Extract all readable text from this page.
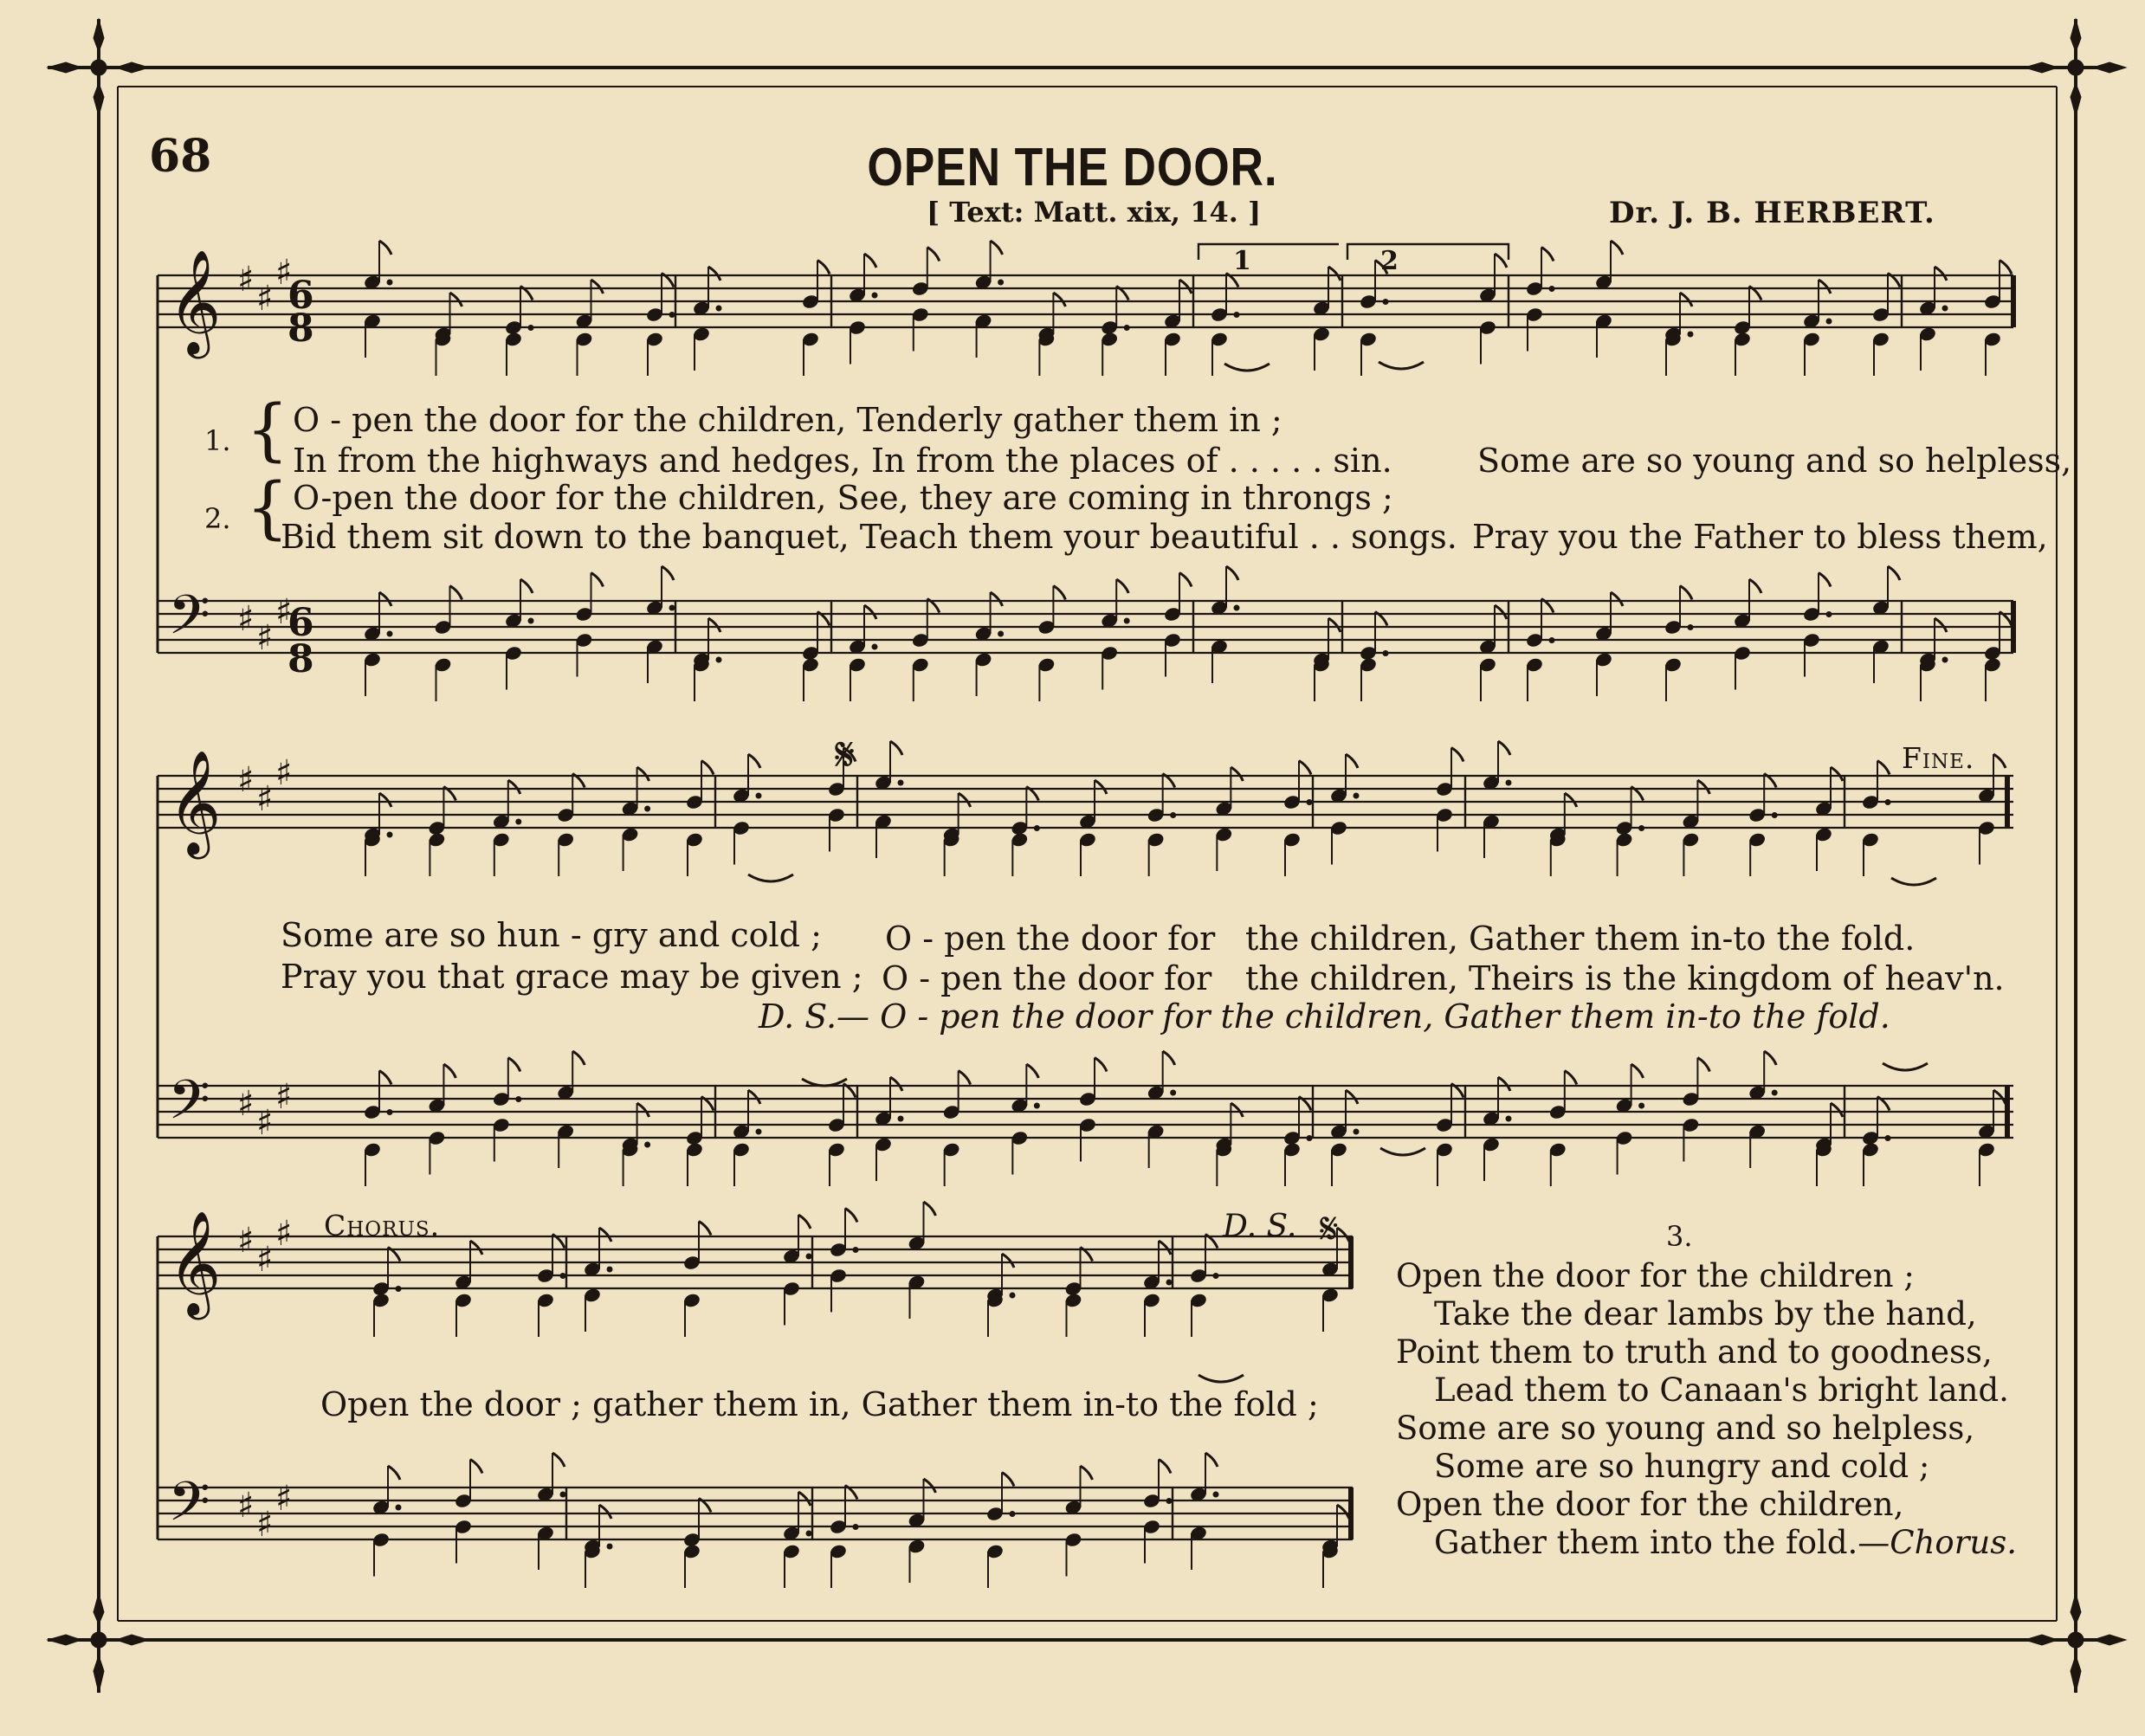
𝄞
𝄢
♯
♯
♯
♯
♯
♯
𝄞
𝄢
♯
♯
♯
♯
♯
♯
𝄞
𝄢
♯
♯
♯
♯
♯
♯
68	OPEN THE DOOR.
[ Text: Matt. xix, 14. ]	Dr. J. B. HERBERT.
6
8
6
8
1	2
1. { O - pen the door for the children, Tenderly gather them in ;
In from the highways and hedges, In from the places of . . . . . sin.	Some are so young and so helpless,
2. { O-pen the door for the children, See, they are coming in throngs ;
Bid them sit down to the banquet, Teach them your beautiful . . songs. Pray you the Father to bless them,
Fine.
𝄋
Some are so hun - gry and cold ; O - pen the door for the children, Gather them in-to the fold.
Pray you that grace may be given ; O - pen the door for the children, Theirs is the kingdom of heav'n.
D. S.— O - pen the door for the children, Gather them in-to the fold.
Chorus.	D. S. 𝄋
Open the door ; gather them in, Gather them in-to the fold ;
3.
Open the door for the children ;
Take the dear lambs by the hand,
Point them to truth and to goodness,
Lead them to Canaan's bright land.
Some are so young and so helpless,
Some are so hungry and cold ;
Open the door for the children,
Gather them into the fold.—Chorus.
